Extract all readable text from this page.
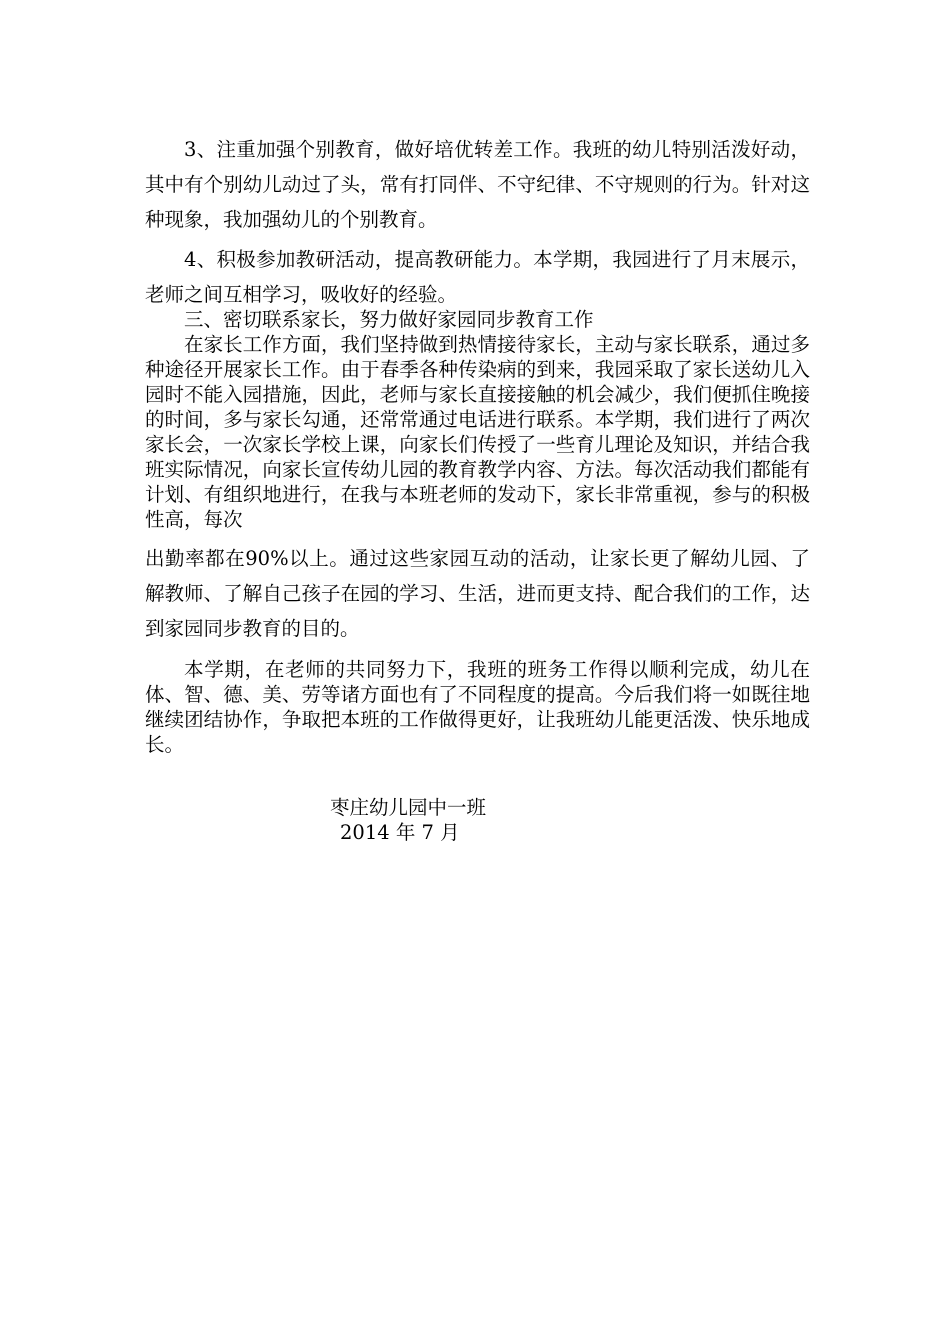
3、注重加强个别教育，做好培优转差工作。我班的幼儿特别活泼好动，其中有个别幼儿动过了头，常有打同伴、不守纪律、不守规则的行为。针对这种现象，我加强幼儿的个别教育。

4、积极参加教研活动，提高教研能力。本学期，我园进行了月末展示，老师之间互相学习，吸收好的经验。

三、密切联系家长，努力做好家园同步教育工作

在家长工作方面，我们坚持做到热情接待家长，主动与家长联系，通过多种途径开展家长工作。由于春季各种传染病的到来，我园采取了家长送幼儿入园时不能入园措施，因此，老师与家长直接接触的机会减少，我们便抓住晚接的时间，多与家长勾通，还常常通过电话进行联系。本学期，我们进行了两次家长会，一次家长学校上课，向家长们传授了一些育儿理论及知识，并结合我班实际情况，向家长宣传幼儿园的教育教学内容、方法。每次活动我们都能有计划、有组织地进行，在我与本班老师的发动下，家长非常重视，参与的积极性高，每次

出勤率都在90%以上。通过这些家园互动的活动，让家长更了解幼儿园、了解教师、了解自己孩子在园的学习、生活，进而更支持、配合我们的工作，达到家园同步教育的目的。

本学期，在老师的共同努力下，我班的班务工作得以顺利完成，幼儿在体、智、德、美、劳等诸方面也有了不同程度的提高。今后我们将一如既往地继续团结协作，争取把本班的工作做得更好，让我班幼儿能更活泼、快乐地成长。

枣庄幼儿园中一班
2014 年 7 月
